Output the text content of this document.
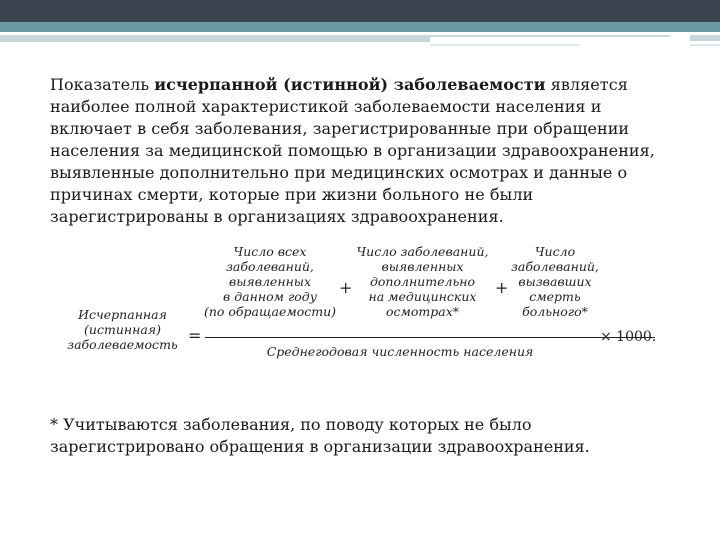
Показатель исчерпанной (истинной) заболеваемости является наиболее полной характеристикой заболеваемости населения и включает в себя заболевания, зарегистрированные при обращении населения за медицинской помощью в организации здравоохранения, выявленные дополнительно при медицинских осмотрах и данные о причинах смерти, которые при жизни больного не были зарегистрированы в организациях здравоохранения.
Исчерпанная
(истинная)
заболеваемость =
Число всех
заболеваний,
выявленных
в данном году
(по обращаемости)
+
Число заболеваний,
выявленных
дополнительно
на медицинских
осмотрах*
+
Число
заболеваний,
вызвавших
смерть
больного*
× 1000.
Среднегодовая численность населения
* Учитываются заболевания, по поводу которых не было зарегистрировано обращения в организации здравоохранения.
